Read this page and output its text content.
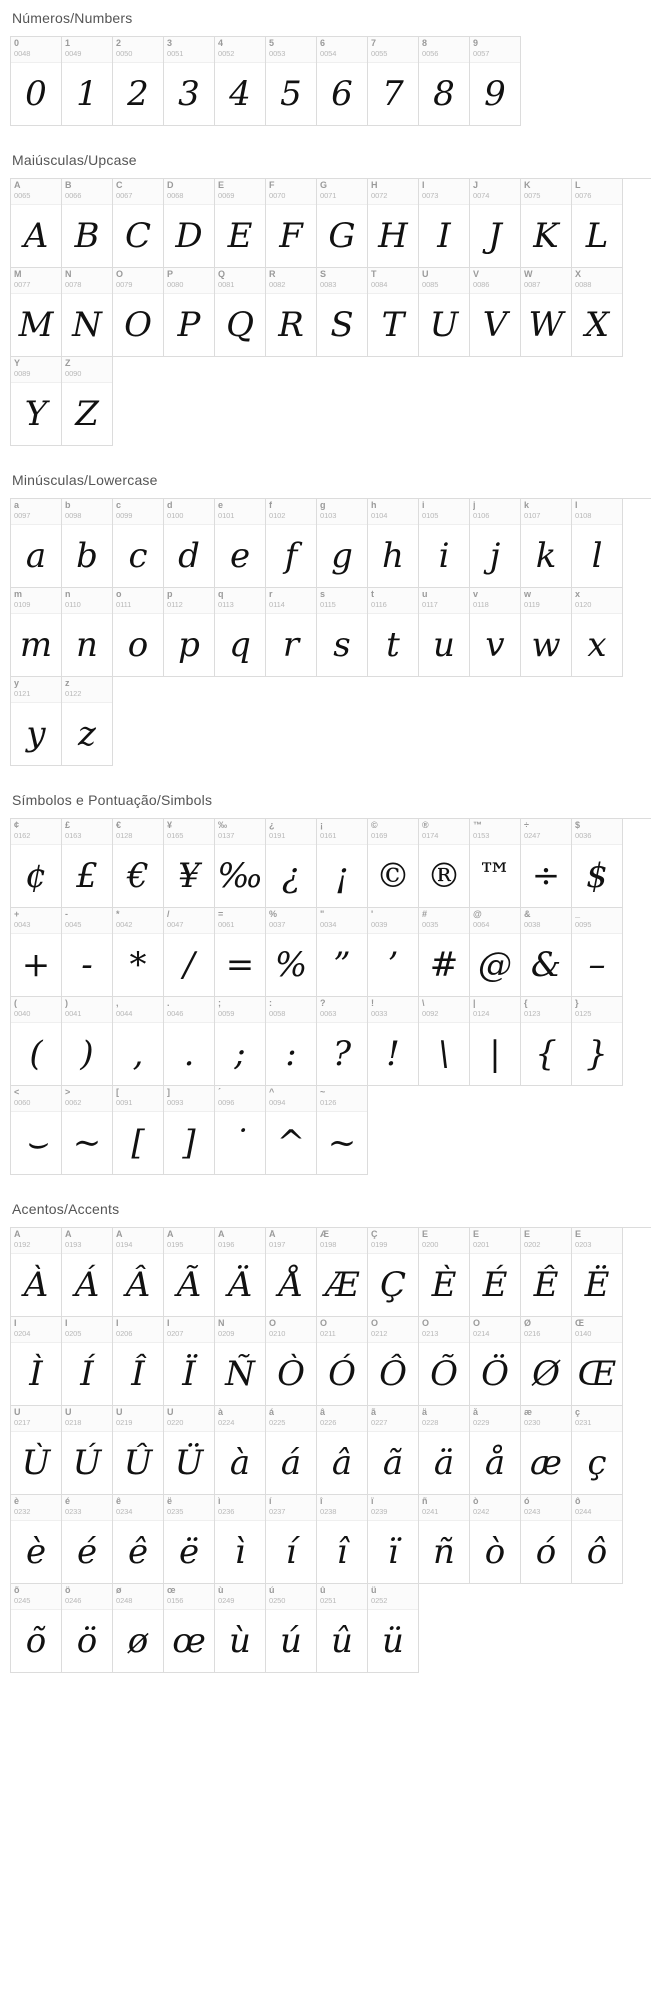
Números/Numbers
0
0048
0
1
0049
1
2
0050
2
3
0051
3
4
0052
4
5
0053
5
6
0054
6
7
0055
7
8
0056
8
9
0057
9
Maiúsculas/Upcase
A
0065
A
B
0066
B
C
0067
C
D
0068
D
E
0069
E
F
0070
F
G
0071
G
H
0072
H
I
0073
I
J
0074
J
K
0075
K
L
0076
L
M
0077
M
N
0078
N
O
0079
O
P
0080
P
Q
0081
Q
R
0082
R
S
0083
S
T
0084
T
U
0085
U
V
0086
V
W
0087
W
X
0088
X
Y
0089
Y
Z
0090
Z
Minúsculas/Lowercase
a
0097
a
b
0098
b
c
0099
c
d
0100
d
e
0101
e
f
0102
f
g
0103
g
h
0104
h
i
0105
i
j
0106
j
k
0107
k
l
0108
l
m
0109
m
n
0110
n
o
0111
o
p
0112
p
q
0113
q
r
0114
r
s
0115
s
t
0116
t
u
0117
u
v
0118
v
w
0119
w
x
0120
x
y
0121
y
z
0122
z
Símbolos e Pontuação/Simbols
¢
0162
¢
£
0163
£
€
0128
€
¥
0165
¥
‰
0137
‰
¿
0191
¿
¡
0161
¡
©
0169
©
®
0174
®
™
0153
™
÷
0247
÷
$
0036
$
+
0043
+
-
0045
-
*
0042
*
/
0047
/
=
0061
=
%
0037
%
"
0034
”
'
0039
’
#
0035
#
@
0064
@
&
0038
&
_
0095
–
(
0040
(
)
0041
)
,
0044
,
.
0046
.
;
0059
;
:
0058
:
?
0063
?
!
0033
!
\
0092
\
|
0124
|
{
0123
{
}
0125
}
<
0060
⌣
>
0062
∼
[
0091
[
]
0093
]
´
0096
˙
^
0094
^
~
0126
~
Acentos/Accents
À
0192
À
Á
0193
Á
Â
0194
Â
Ã
0195
Ã
Ä
0196
Ä
Å
0197
Å
Æ
0198
Æ
Ç
0199
Ç
È
0200
È
É
0201
É
Ê
0202
Ê
Ë
0203
Ë
Ì
0204
Ì
Í
0205
Í
Î
0206
Î
Ï
0207
Ï
Ñ
0209
Ñ
Ò
0210
Ò
Ó
0211
Ó
Ô
0212
Ô
Õ
0213
Õ
Ö
0214
Ö
Ø
0216
Ø
Œ
0140
Œ
Ù
0217
Ù
Ú
0218
Ú
Û
0219
Û
Ü
0220
Ü
à
0224
à
á
0225
á
â
0226
â
ã
0227
ã
ä
0228
ä
å
0229
å
æ
0230
æ
ç
0231
ç
è
0232
è
é
0233
é
ê
0234
ê
ë
0235
ë
ì
0236
ì
í
0237
í
î
0238
î
ï
0239
ï
ñ
0241
ñ
ò
0242
ò
ó
0243
ó
ô
0244
ô
õ
0245
õ
ö
0246
ö
ø
0248
ø
œ
0156
œ
ù
0249
ù
ú
0250
ú
û
0251
û
ü
0252
ü
